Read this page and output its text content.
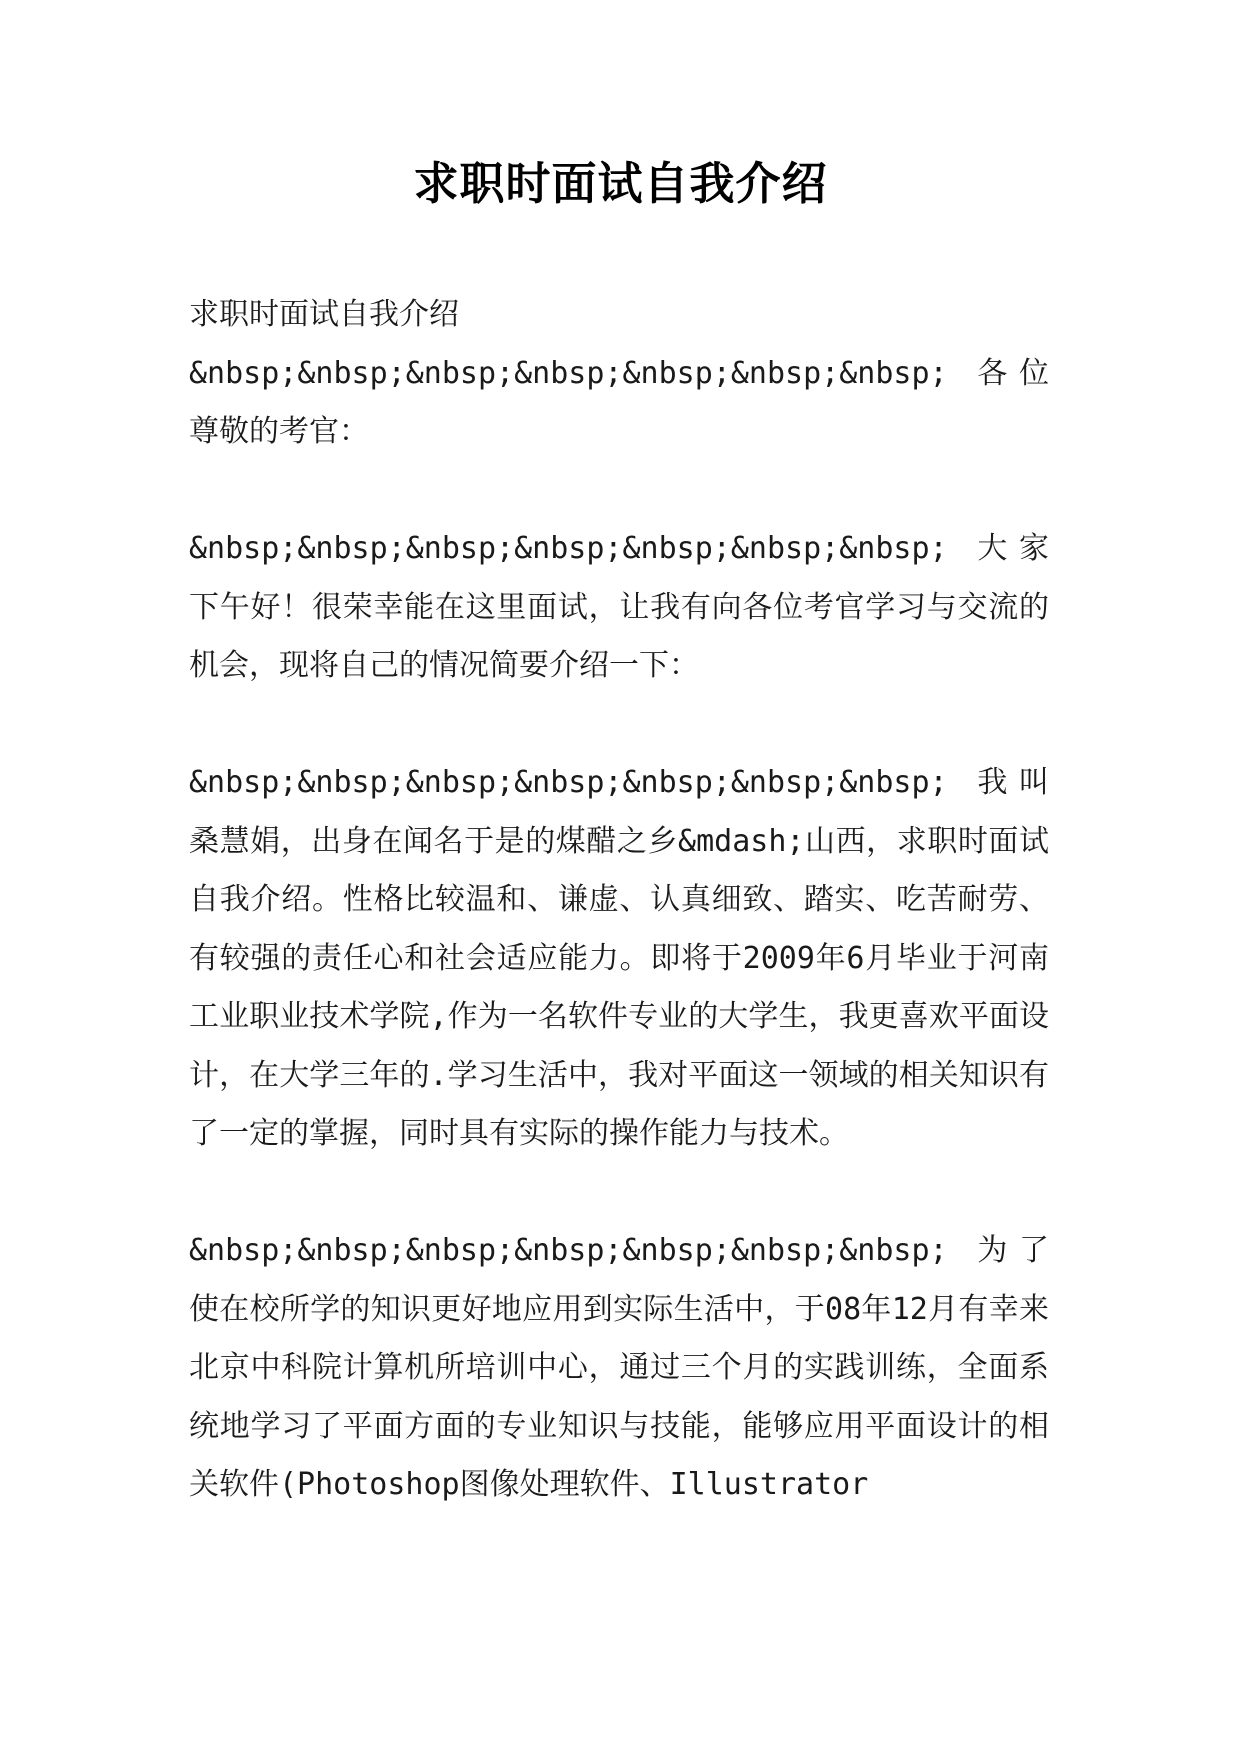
求职时面试自我介绍

求职时面试自我介绍

&nbsp;&nbsp;&nbsp;&nbsp;&nbsp;&nbsp;&nbsp; 各位尊敬的考官：

&nbsp;&nbsp;&nbsp;&nbsp;&nbsp;&nbsp;&nbsp; 大家下午好！很荣幸能在这里面试，让我有向各位考官学习与交流的机会，现将自己的情况简要介绍一下：

&nbsp;&nbsp;&nbsp;&nbsp;&nbsp;&nbsp;&nbsp; 我叫桑慧娟，出身在闻名于是的煤醋之乡&mdash;山西，求职时面试自我介绍。性格比较温和、谦虚、认真细致、踏实、吃苦耐劳、有较强的责任心和社会适应能力。即将于2009年6月毕业于河南工业职业技术学院,作为一名软件专业的大学生，我更喜欢平面设计，在大学三年的.学习生活中，我对平面这一领域的相关知识有了一定的掌握，同时具有实际的操作能力与技术。

&nbsp;&nbsp;&nbsp;&nbsp;&nbsp;&nbsp;&nbsp; 为了使在校所学的知识更好地应用到实际生活中，于08年12月有幸来北京中科院计算机所培训中心，通过三个月的实践训练，全面系统地学习了平面方面的专业知识与技能，能够应用平面设计的相关软件(Photoshop图像处理软件、Illustrator
